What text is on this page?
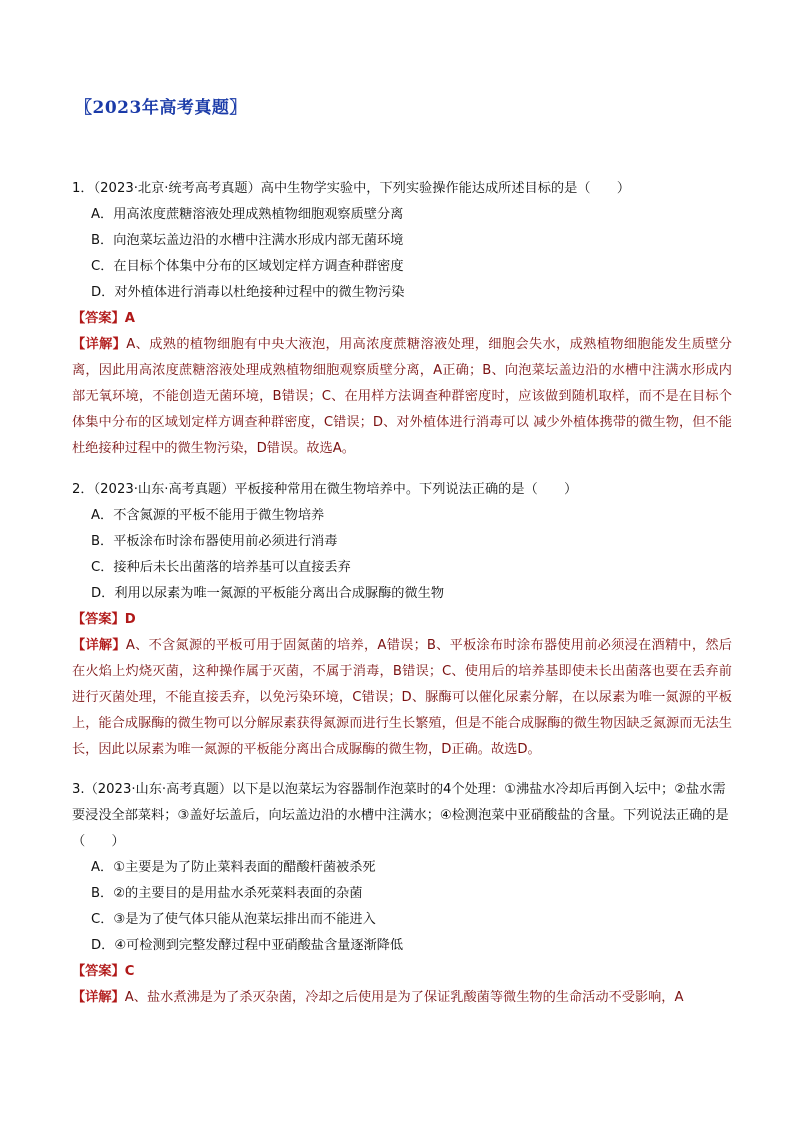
〖2023年高考真题〗
1．（2023·北京·统考高考真题）高中生物学实验中，下列实验操作能达成所述目标的是（　　）
A．用高浓度蔗糖溶液处理成熟植物细胞观察质壁分离
B．向泡菜坛盖边沿的水槽中注满水形成内部无菌环境
C．在目标个体集中分布的区域划定样方调查种群密度
D．对外植体进行消毒以杜绝接种过程中的微生物污染
【答案】A
【详解】A、成熟的植物细胞有中央大液泡，用高浓度蔗糖溶液处理，细胞会失水，成熟植物细胞能发生质壁分离，因此用高浓度蔗糖溶液处理成熟植物细胞观察质壁分离，A正确；B、向泡菜坛盖边沿的水槽中注满水形成内部无氧环境，不能创造无菌环境，B错误；C、在用样方法调查种群密度时，应该做到随机取样，而不是在目标个体集中分布的区域划定样方调查种群密度，C错误；D、对外植体进行消毒可以 减少外植体携带的微生物，但不能杜绝接种过程中的微生物污染，D错误。故选A。
2．（2023·山东·高考真题）平板接种常用在微生物培养中。下列说法正确的是（　　）
A．不含氮源的平板不能用于微生物培养
B．平板涂布时涂布器使用前必须进行消毒
C．接种后未长出菌落的培养基可以直接丢弃
D．利用以尿素为唯一氮源的平板能分离出合成脲酶的微生物
【答案】D
【详解】A、不含氮源的平板可用于固氮菌的培养，A错误；B、平板涂布时涂布器使用前必须浸在酒精中，然后在火焰上灼烧灭菌，这种操作属于灭菌，不属于消毒，B错误；C、使用后的培养基即使未长出菌落也要在丢弃前进行灭菌处理，不能直接丢弃，以免污染环境，C错误；D、脲酶可以催化尿素分解，在以尿素为唯一氮源的平板上，能合成脲酶的微生物可以分解尿素获得氮源而进行生长繁殖，但是不能合成脲酶的微生物因缺乏氮源而无法生长，因此以尿素为唯一氮源的平板能分离出合成脲酶的微生物，D正确。故选D。
3.（2023·山东·高考真题）以下是以泡菜坛为容器制作泡菜时的4个处理：①沸盐水冷却后再倒入坛中；②盐水需要浸没全部菜料；③盖好坛盖后，向坛盖边沿的水槽中注满水；④检测泡菜中亚硝酸盐的含量。下列说法正确的是（　　）
A．①主要是为了防止菜料表面的醋酸杆菌被杀死
B．②的主要目的是用盐水杀死菜料表面的杂菌
C．③是为了使气体只能从泡菜坛排出而不能进入
D．④可检测到完整发酵过程中亚硝酸盐含量逐渐降低
【答案】C
【详解】A、盐水煮沸是为了杀灭杂菌，冷却之后使用是为了保证乳酸菌等微生物的生命活动不受影响，A
